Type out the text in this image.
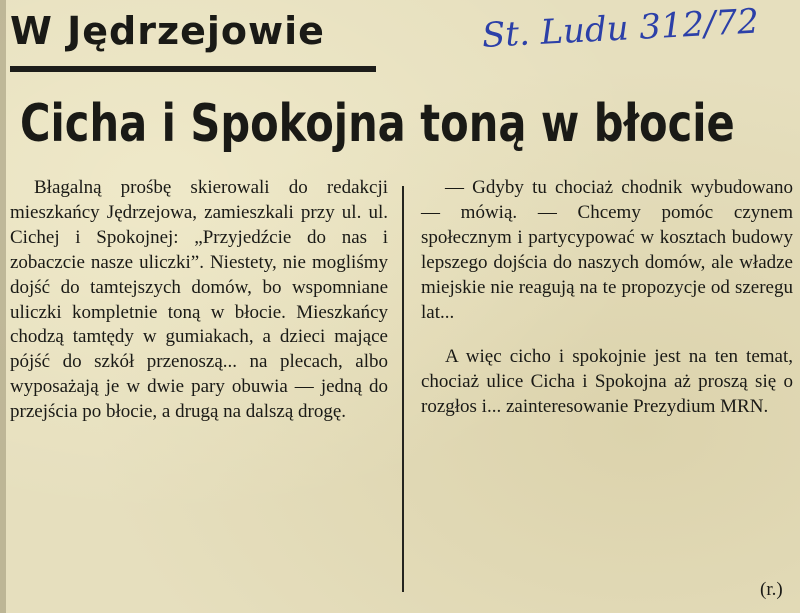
W Jędrzejowie	St. Ludu 312/72
Cicha i Spokojna toną w błocie

Błagalną prośbę skierowali do redakcji mieszkańcy Jędrzejowa, zamieszkali przy ul. ul. Cichej i Spokojnej: „Przyjedźcie do nas i zobaczcie nasze uliczki”. Niestety, nie mogliśmy dojść do tamtejszych domów, bo wspomniane uliczki kompletnie toną w błocie. Mieszkańcy chodzą tamtędy w gumiakach, a dzieci mające pójść do szkół przenoszą... na plecach, albo wyposażają je w dwie pary obuwia — jedną do przejścia po błocie, a drugą na dalszą drogę.

— Gdyby tu chociaż chodnik wybudowano — mówią. — Chcemy pomóc czynem społecznym i partycypować w kosztach budowy lepszego dojścia do naszych domów, ale władze miejskie nie reagują na te propozycje od szeregu lat...

A więc cicho i spokojnie jest na ten temat, chociaż ulice Cicha i Spokojna aż proszą się o rozgłos i... zainteresowanie Prezydium MRN.

(r.)
